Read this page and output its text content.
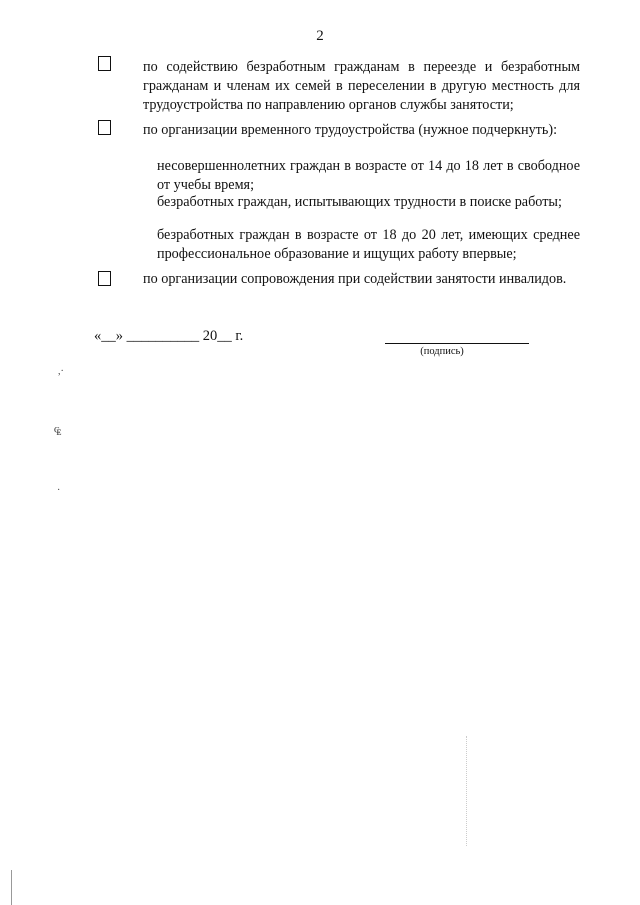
2

по содействию безработным гражданам в переезде и безработным гражданам и членам их семей в переселении в другую местность для трудоустройства по направлению органов службы занятости;

по организации временного трудоустройства (нужное подчеркнуть):

несовершеннолетних граждан в возрасте от 14 до 18 лет в свободное от учебы время;

безработных граждан, испытывающих трудности в поиске работы;

безработных граждан в возрасте от 18 до 20 лет, имеющих среднее профессиональное образование и ищущих работу впервые;

по организации сопровождения при содействии занятости инвалидов.

«__» __________ 20__ г.
(подпись)
,·
₠
·
